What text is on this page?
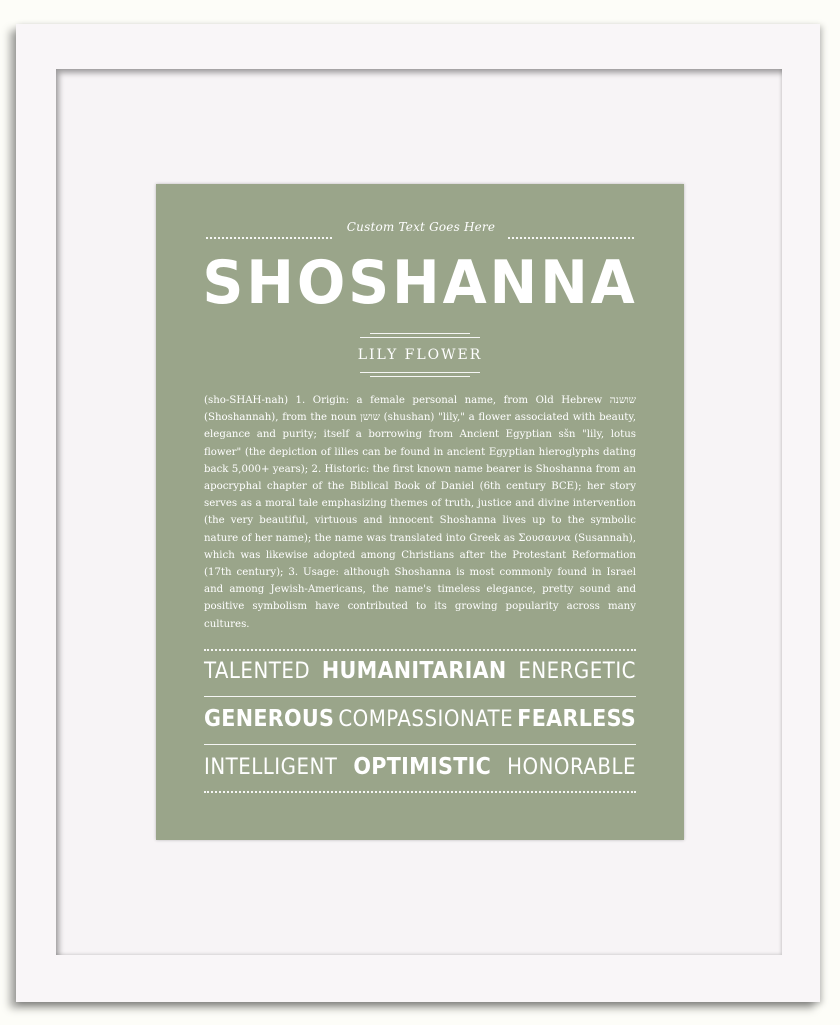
Custom Text Goes Here
SHOSHANNA
LILY FLOWER
(sho-SHAH-nah) 1. Origin: a female personal name, from Old Hebrew שושנה (Shoshannah), from the noun שושן (shushan) "lily," a flower associated with beauty, elegance and purity; itself a borrowing from Ancient Egyptian sšn "lily, lotus flower" (the depiction of lilies can be found in ancient Egyptian hieroglyphs dating back 5,000+ years); 2. Historic: the first known name bearer is Shoshanna from an apocryphal chapter of the Biblical Book of Daniel (6th century BCE); her story serves as a moral tale emphasizing themes of truth, justice and divine intervention (the very beautiful, virtuous and innocent Shoshanna lives up to the symbolic nature of her name); the name was translated into Greek as Σουσαννα (Susannah), which was likewise adopted among Christians after the Protestant Reformation (17th century); 3. Usage: although Shoshanna is most commonly found in Israel and among Jewish-Americans, the name's timeless elegance, pretty sound and positive symbolism have contributed to its growing popularity across many cultures.
TALENTED HUMANITARIAN ENERGETIC
GENEROUS COMPASSIONATE FEARLESS
INTELLIGENT OPTIMISTIC HONORABLE
